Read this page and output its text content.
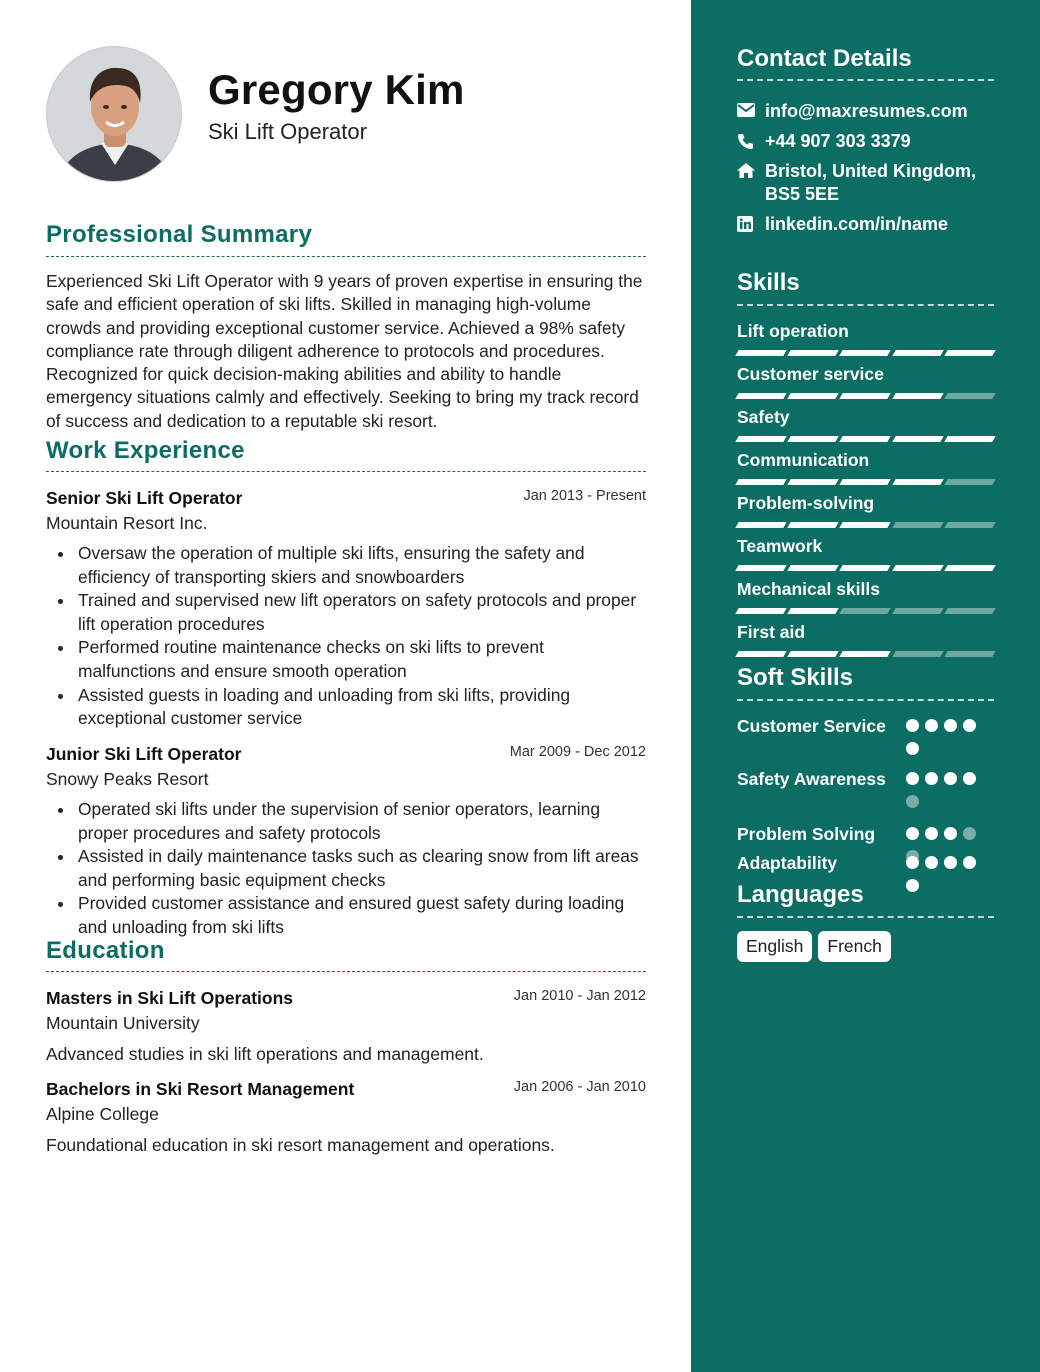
Gregory Kim
Ski Lift Operator
Professional Summary
Experienced Ski Lift Operator with 9 years of proven expertise in ensuring the safe and efficient operation of ski lifts. Skilled in managing high-volume crowds and providing exceptional customer service. Achieved a 98% safety compliance rate through diligent adherence to protocols and procedures. Recognized for quick decision-making abilities and ability to handle emergency situations calmly and effectively. Seeking to bring my track record of success and dedication to a reputable ski resort.
Work Experience
Senior Ski Lift Operator	Jan 2013 - Present
Mountain Resort Inc.
Oversaw the operation of multiple ski lifts, ensuring the safety and efficiency of transporting skiers and snowboarders
Trained and supervised new lift operators on safety protocols and proper lift operation procedures
Performed routine maintenance checks on ski lifts to prevent malfunctions and ensure smooth operation
Assisted guests in loading and unloading from ski lifts, providing exceptional customer service
Junior Ski Lift Operator	Mar 2009 - Dec 2012
Snowy Peaks Resort
Operated ski lifts under the supervision of senior operators, learning proper procedures and safety protocols
Assisted in daily maintenance tasks such as clearing snow from lift areas and performing basic equipment checks
Provided customer assistance and ensured guest safety during loading and unloading from ski lifts
Education
Masters in Ski Lift Operations	Jan 2010 - Jan 2012
Mountain University
Advanced studies in ski lift operations and management.
Bachelors in Ski Resort Management	Jan 2006 - Jan 2010
Alpine College
Foundational education in ski resort management and operations.
Contact Details
info@maxresumes.com
+44 907 303 3379
Bristol, United Kingdom, BS5 5EE
linkedin.com/in/name
Skills
Lift operation
Customer service
Safety
Communication
Problem-solving
Teamwork
Mechanical skills
First aid
Soft Skills
Customer Service
Safety Awareness
Problem Solving
Adaptability
Languages
English	French
